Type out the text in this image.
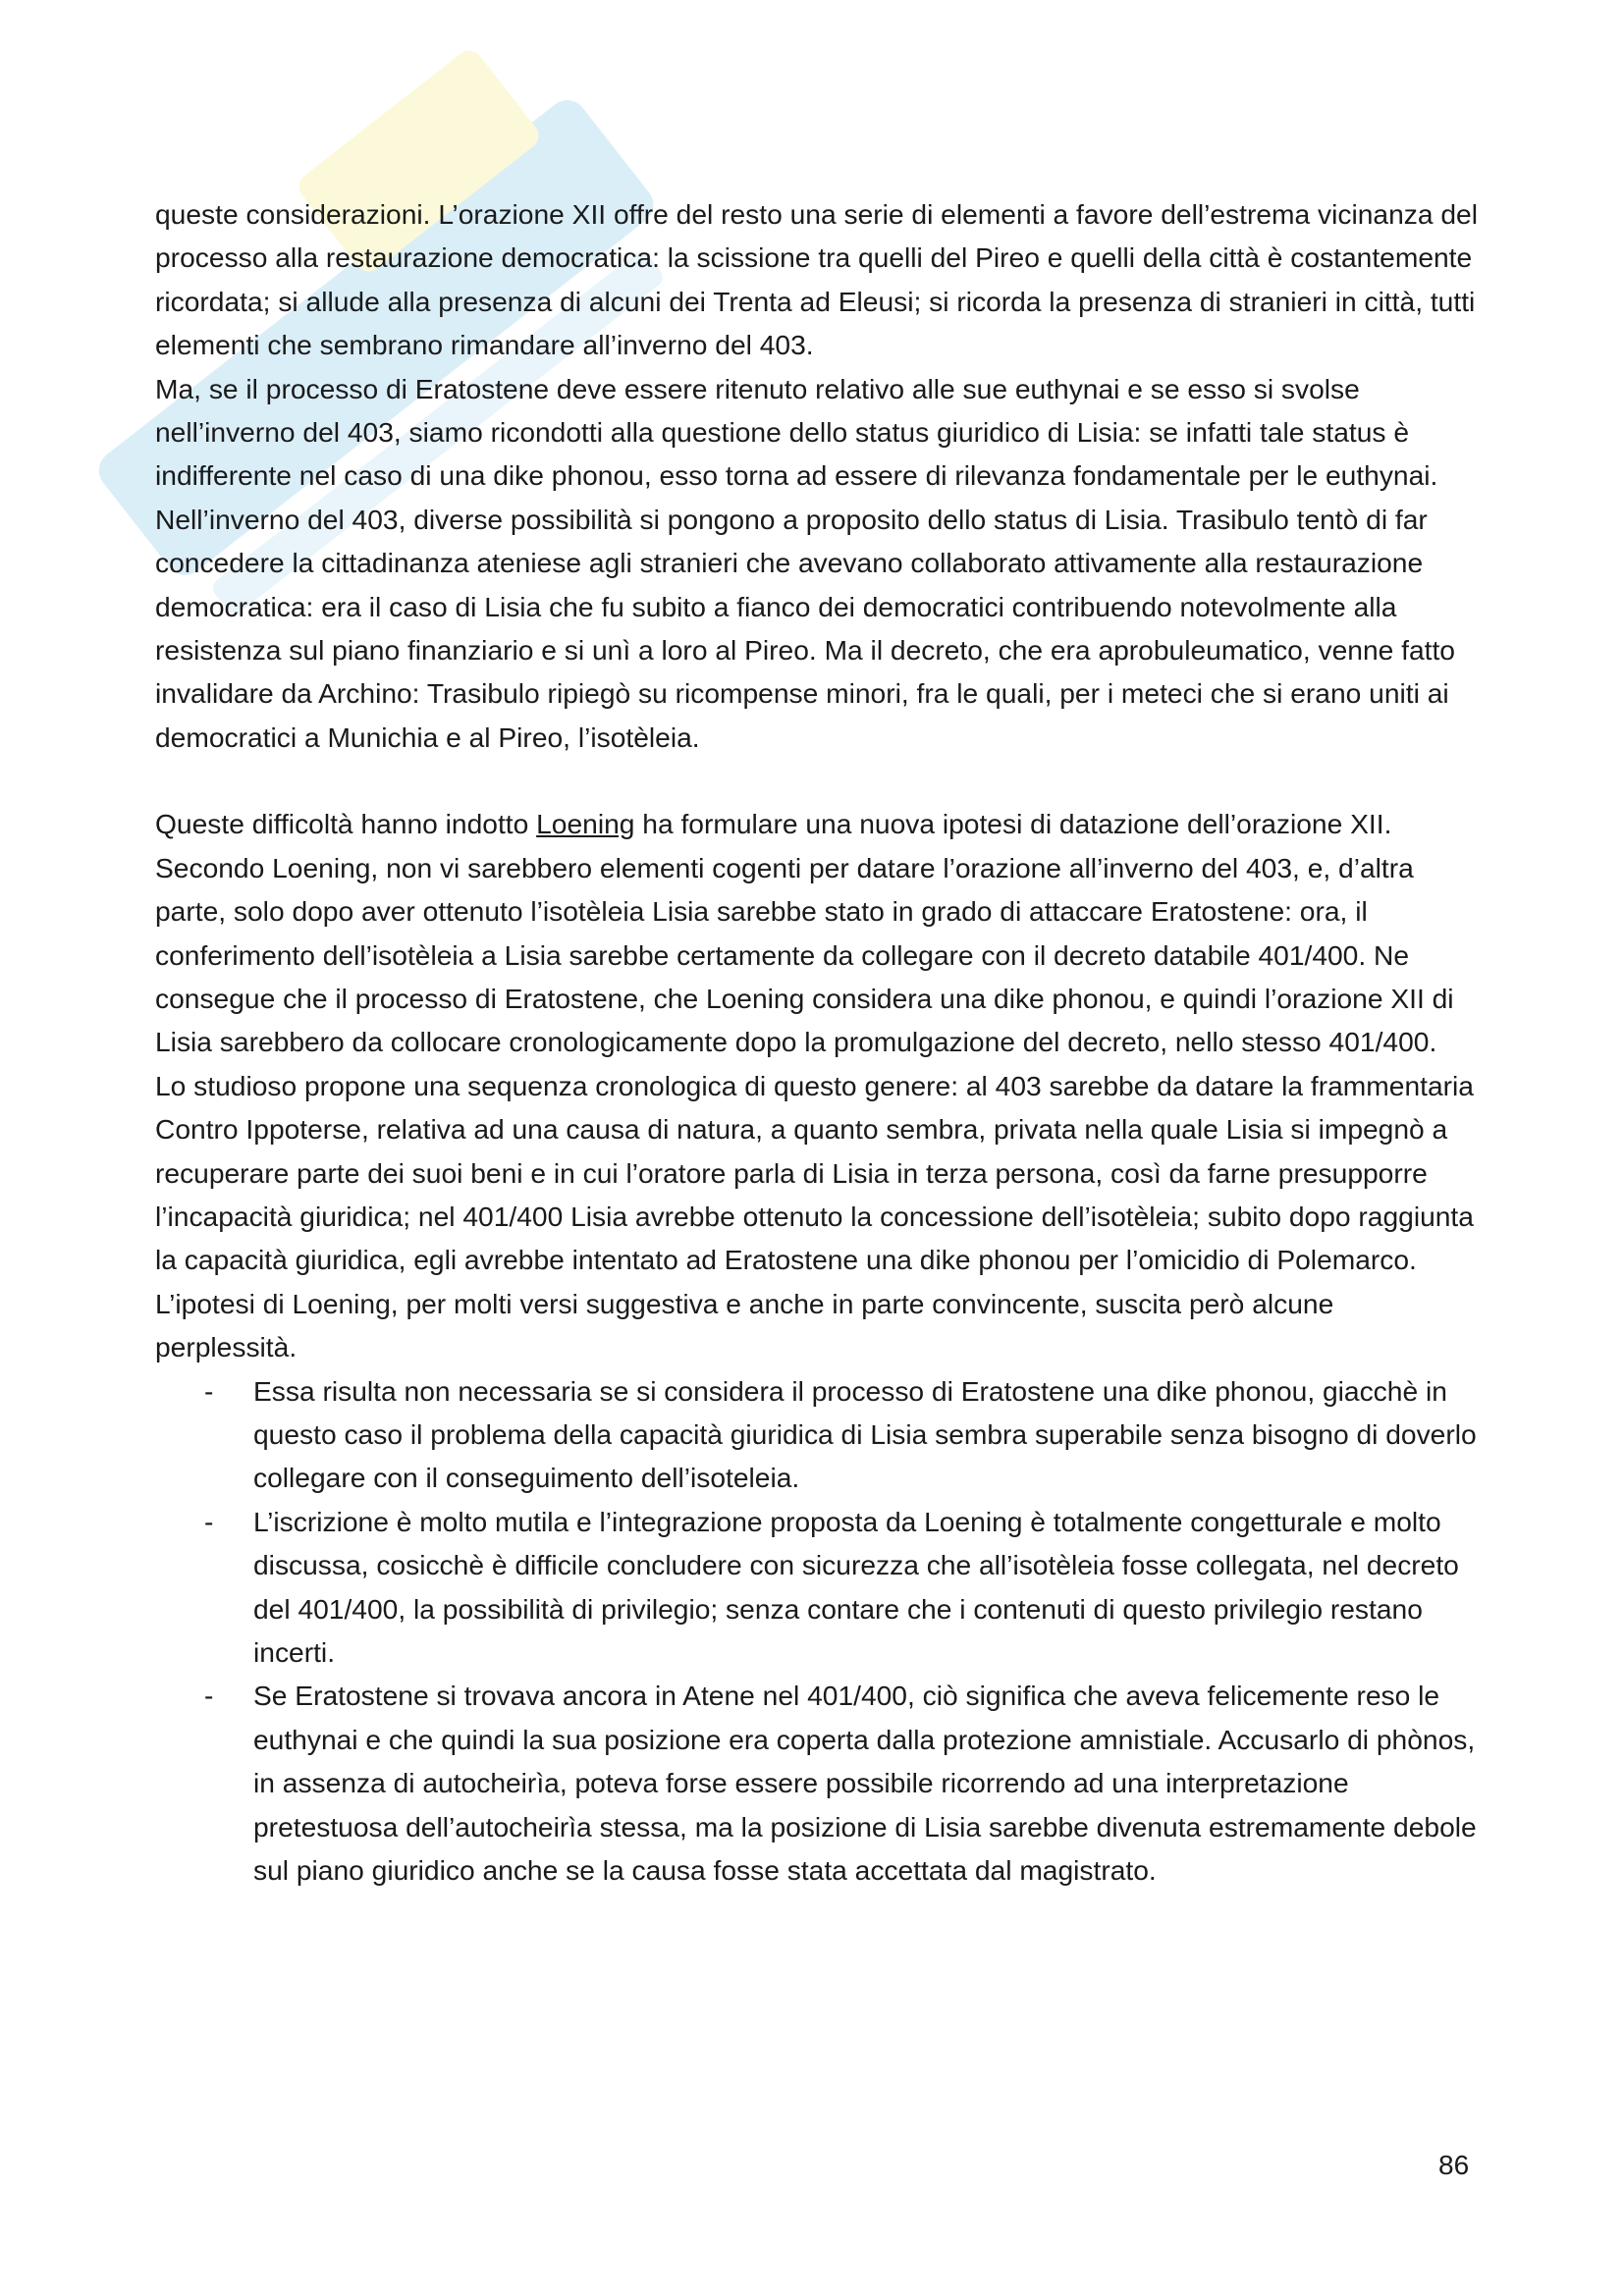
queste considerazioni. L’orazione XII offre del resto una serie di elementi a favore dell’estrema vicinanza del processo alla restaurazione democratica: la scissione tra quelli del Pireo e quelli della città è costantemente ricordata; si allude alla presenza di alcuni dei Trenta ad Eleusi; si ricorda la presenza di stranieri in città, tutti elementi che sembrano rimandare all’inverno del 403.

Ma, se il processo di Eratostene deve essere ritenuto relativo alle sue euthynai e se esso si svolse nell’inverno del 403, siamo ricondotti alla questione dello status giuridico di Lisia: se infatti tale status è indifferente nel caso di una dike phonou, esso torna ad essere di rilevanza fondamentale per le euthynai.

Nell’inverno del 403, diverse possibilità si pongono a proposito dello status di Lisia. Trasibulo tentò di far concedere la cittadinanza ateniese agli stranieri che avevano collaborato attivamente alla restaurazione democratica: era il caso di Lisia che fu subito a fianco dei democratici contribuendo notevolmente alla resistenza sul piano finanziario e si unì a loro al Pireo. Ma il decreto, che era aprobuleumatico, venne fatto invalidare da Archino: Trasibulo ripiegò su ricompense minori, fra le quali, per i meteci che si erano uniti ai democratici a Munichia e al Pireo, l’isotèleia.

Queste difficoltà hanno indotto Loening ha formulare una nuova ipotesi di datazione dell’orazione XII. Secondo Loening, non vi sarebbero elementi cogenti per datare l’orazione all’inverno del 403, e, d’altra parte, solo dopo aver ottenuto l’isotèleia Lisia sarebbe stato in grado di attaccare Eratostene: ora, il conferimento dell’isotèleia a Lisia sarebbe certamente da collegare con il decreto databile 401/400. Ne consegue che il processo di Eratostene, che Loening considera una dike phonou, e quindi l’orazione XII di Lisia sarebbero da collocare cronologicamente dopo la promulgazione del decreto, nello stesso 401/400.

Lo studioso propone una sequenza cronologica di questo genere: al 403 sarebbe da datare la frammentaria Contro Ippoterse, relativa ad una causa di natura, a quanto sembra, privata nella quale Lisia si impegnò a recuperare parte dei suoi beni e in cui l’oratore parla di Lisia in terza persona, così da farne presupporre l’incapacità giuridica; nel 401/400 Lisia avrebbe ottenuto la concessione dell’isotèleia; subito dopo raggiunta la capacità giuridica, egli avrebbe intentato ad Eratostene una dike phonou per l’omicidio di Polemarco.

L’ipotesi di Loening, per molti versi suggestiva e anche in parte convincente, suscita però alcune perplessità.

- Essa risulta non necessaria se si considera il processo di Eratostene una dike phonou, giacchè in questo caso il problema della capacità giuridica di Lisia sembra superabile senza bisogno di doverlo collegare con il conseguimento dell’isoteleia.
- L’iscrizione è molto mutila e l’integrazione proposta da Loening è totalmente congetturale e molto discussa, cosicchè è difficile concludere con sicurezza che all’isotèleia fosse collegata, nel decreto del 401/400, la possibilità di privilegio; senza contare che i contenuti di questo privilegio restano incerti.
- Se Eratostene si trovava ancora in Atene nel 401/400, ciò significa che aveva felicemente reso le euthynai e che quindi la sua posizione era coperta dalla protezione amnistiale. Accusarlo di phònos, in assenza di autocheirìa, poteva forse essere possibile ricorrendo ad una interpretazione pretestuosa dell’autocheirìa stessa, ma la posizione di Lisia sarebbe divenuta estremamente debole sul piano giuridico anche se la causa fosse stata accettata dal magistrato.
86
